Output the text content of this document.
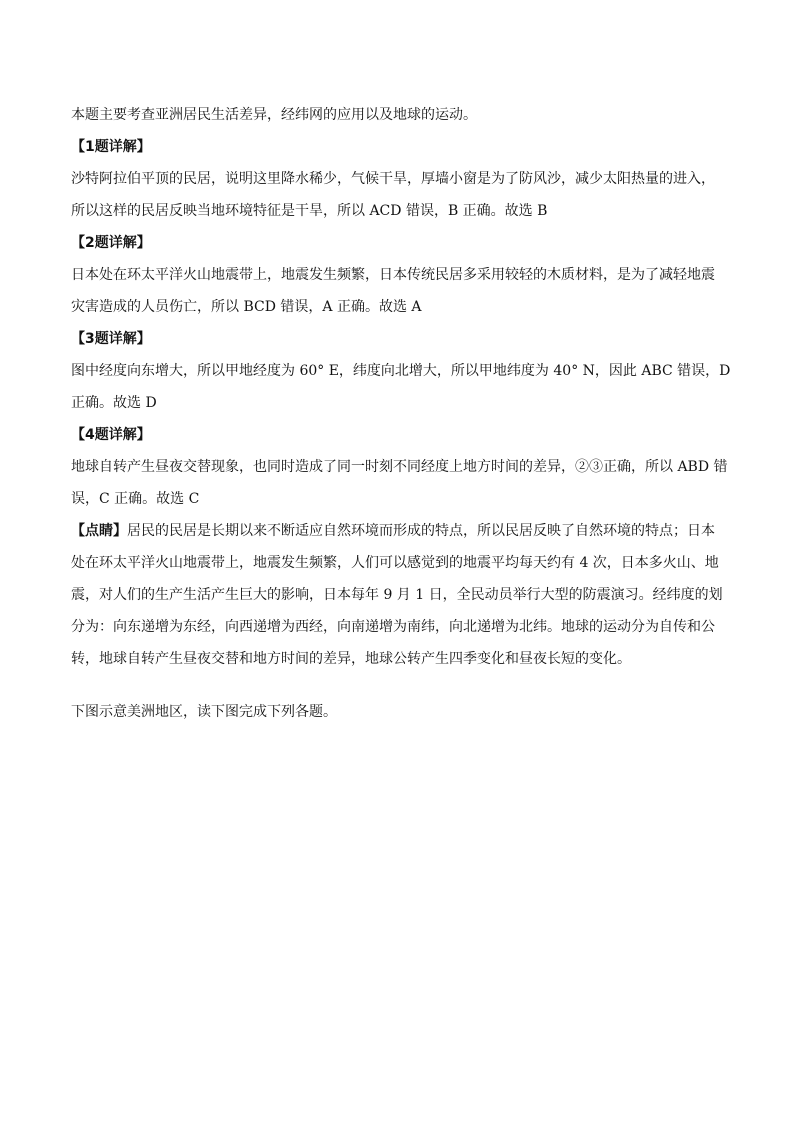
本题主要考查亚洲居民生活差异，经纬网的应用以及地球的运动。
【1题详解】
沙特阿拉伯平顶的民居，说明这里降水稀少，气候干旱，厚墙小窗是为了防风沙，减少太阳热量的进入，
所以这样的民居反映当地环境特征是干旱，所以 ACD 错误，B 正确。故选 B
【2题详解】
日本处在环太平洋火山地震带上，地震发生频繁，日本传统民居多采用较轻的木质材料，是为了减轻地震
灾害造成的人员伤亡，所以 BCD 错误，A 正确。故选 A
【3题详解】
图中经度向东增大，所以甲地经度为 60° E，纬度向北增大，所以甲地纬度为 40° N，因此 ABC 错误，D
正确。故选 D
【4题详解】
地球自转产生昼夜交替现象，也同时造成了同一时刻不同经度上地方时间的差异，②③正确，所以 ABD 错
误，C 正确。故选 C
【点睛】居民的民居是长期以来不断适应自然环境而形成的特点，所以民居反映了自然环境的特点；日本
处在环太平洋火山地震带上，地震发生频繁，人们可以感觉到的地震平均每天约有 4 次，日本多火山、地
震，对人们的生产生活产生巨大的影响，日本每年 9 月 1 日，全民动员举行大型的防震演习。经纬度的划
分为：向东递增为东经，向西递增为西经，向南递增为南纬，向北递增为北纬。地球的运动分为自传和公
转，地球自转产生昼夜交替和地方时间的差异，地球公转产生四季变化和昼夜长短的变化。
下图示意美洲地区，读下图完成下列各题。
